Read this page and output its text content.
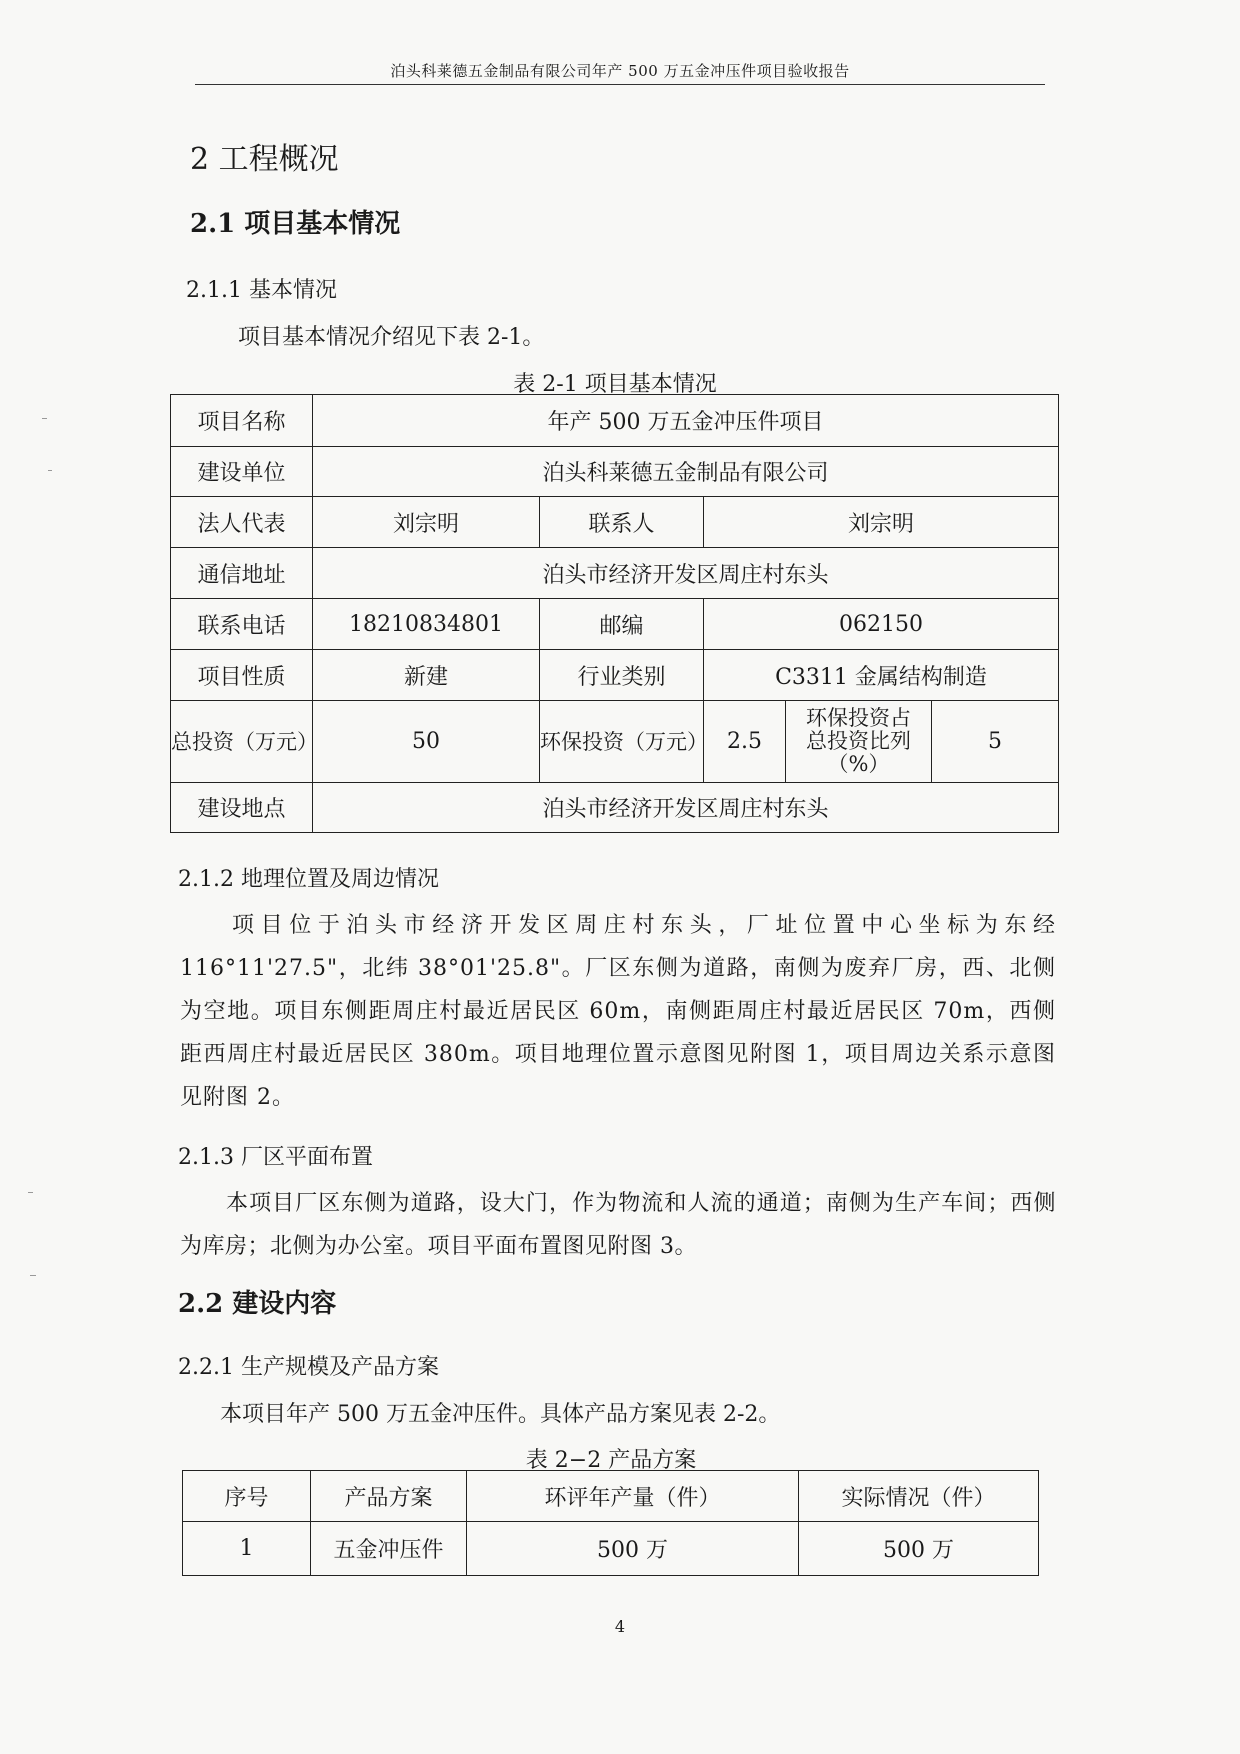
泊头科莱德五金制品有限公司年产 500 万五金冲压件项目验收报告
2 工程概况
2.1 项目基本情况
2.1.1 基本情况
项目基本情况介绍见下表 2-1。
表 2-1 项目基本情况
项目名称	年产 500 万五金冲压件项目				
建设单位	泊头科莱德五金制品有限公司				
法人代表	刘宗明	联系人	刘宗明		
通信地址	泊头市经济开发区周庄村东头				
联系电话	18210834801	邮编	062150		
项目性质	新建	行业类别	C3311 金属结构制造		
总投资（万元）	50	环保投资（万元）	2.5	环保投资占总投资比列（%）	5
建设地点	泊头市经济开发区周庄村东头				
2.1.2 地理位置及周边情况
项目位于泊头市经济开发区周庄村东头，厂址位置中心坐标为东经116°11'27.5"，北纬 38°01'25.8"。厂区东侧为道路，南侧为废弃厂房，西、北侧为空地。项目东侧距周庄村最近居民区 60m，南侧距周庄村最近居民区 70m，西侧距西周庄村最近居民区 380m。项目地理位置示意图见附图 1，项目周边关系示意图见附图 2。
2.1.3 厂区平面布置
本项目厂区东侧为道路，设大门，作为物流和人流的通道；南侧为生产车间；西侧为库房；北侧为办公室。项目平面布置图见附图 3。
2.2 建设内容
2.2.1 生产规模及产品方案
本项目年产 500 万五金冲压件。具体产品方案见表 2-2。
表 2−2 产品方案
序号	产品方案	环评年产量（件）	实际情况（件）
1	五金冲压件	500 万	500 万
4
